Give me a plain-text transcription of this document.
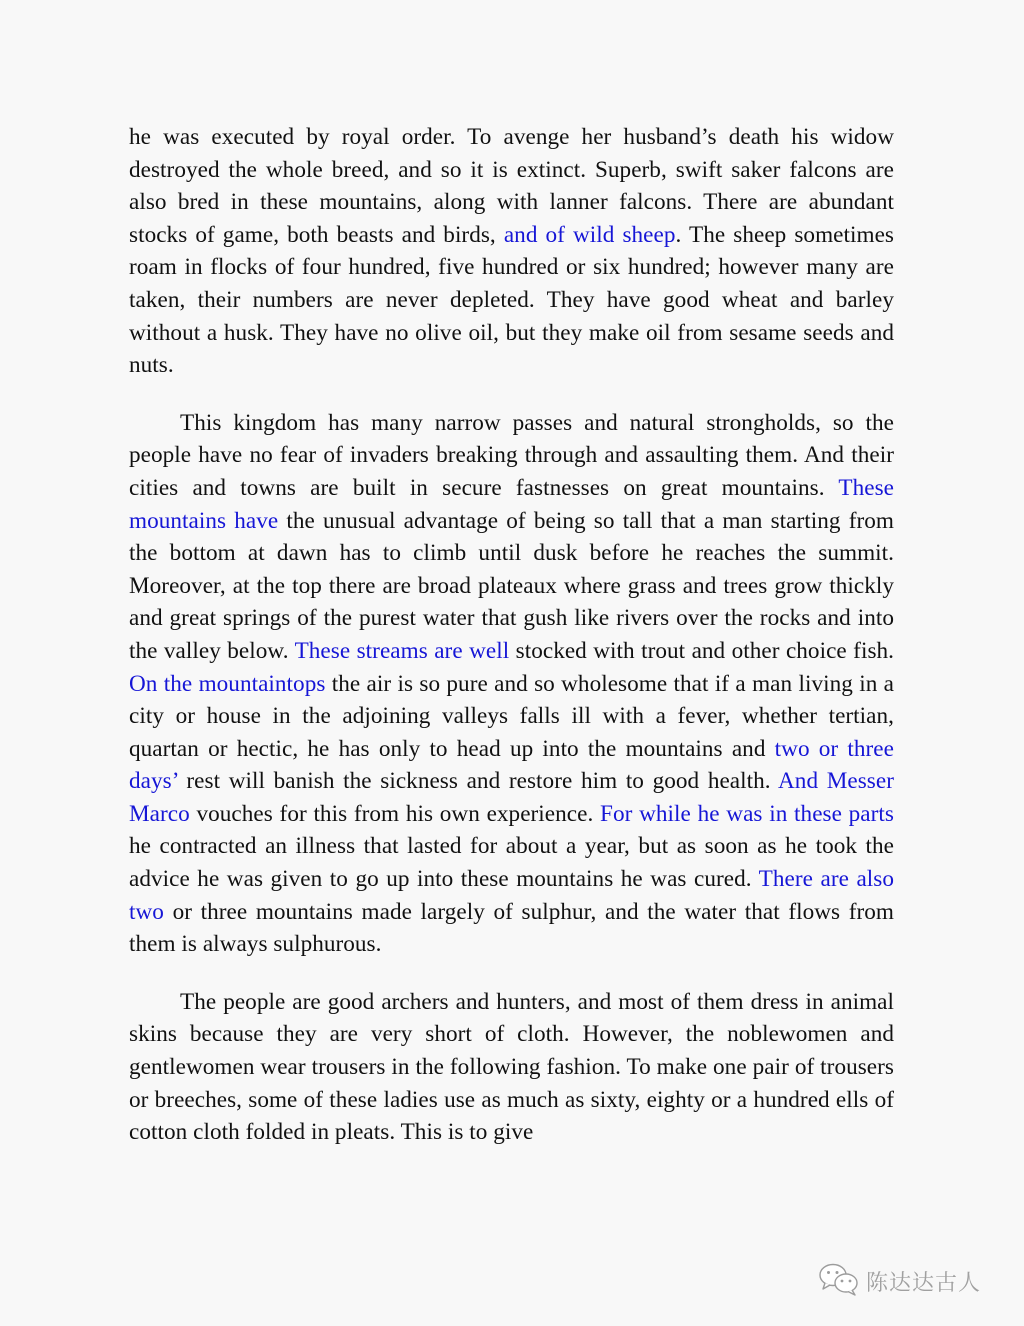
he was executed by royal order. To avenge her husband’s death his widow destroyed the whole breed, and so it is extinct. Superb, swift saker falcons are also bred in these mountains, along with lanner falcons. There are abundant stocks of game, both beasts and birds, and of wild sheep. The sheep sometimes roam in flocks of four hundred, five hundred or six hundred; however many are taken, their numbers are never depleted. They have good wheat and barley without a husk. They have no olive oil, but they make oil from sesame seeds and nuts.

This kingdom has many narrow passes and natural strongholds, so the people have no fear of invaders breaking through and assaulting them. And their cities and towns are built in secure fastnesses on great mountains. These mountains have the unusual advantage of being so tall that a man starting from the bottom at dawn has to climb until dusk before he reaches the summit. Moreover, at the top there are broad plateaux where grass and trees grow thickly and great springs of the purest water that gush like rivers over the rocks and into the valley below. These streams are well stocked with trout and other choice fish. On the mountaintops the air is so pure and so wholesome that if a man living in a city or house in the adjoining valleys falls ill with a fever, whether tertian, quartan or hectic, he has only to head up into the mountains and two or three days’ rest will banish the sickness and restore him to good health. And Messer Marco vouches for this from his own experience. For while he was in these parts he contracted an illness that lasted for about a year, but as soon as he took the advice he was given to go up into these mountains he was cured. There are also two or three mountains made largely of sulphur, and the water that flows from them is always sulphurous.

The people are good archers and hunters, and most of them dress in animal skins because they are very short of cloth. However, the noblewomen and gentlewomen wear trousers in the following fashion. To make one pair of trousers or breeches, some of these ladies use as much as sixty, eighty or a hundred ells of cotton cloth folded in pleats. This is to give

陈达达古人
